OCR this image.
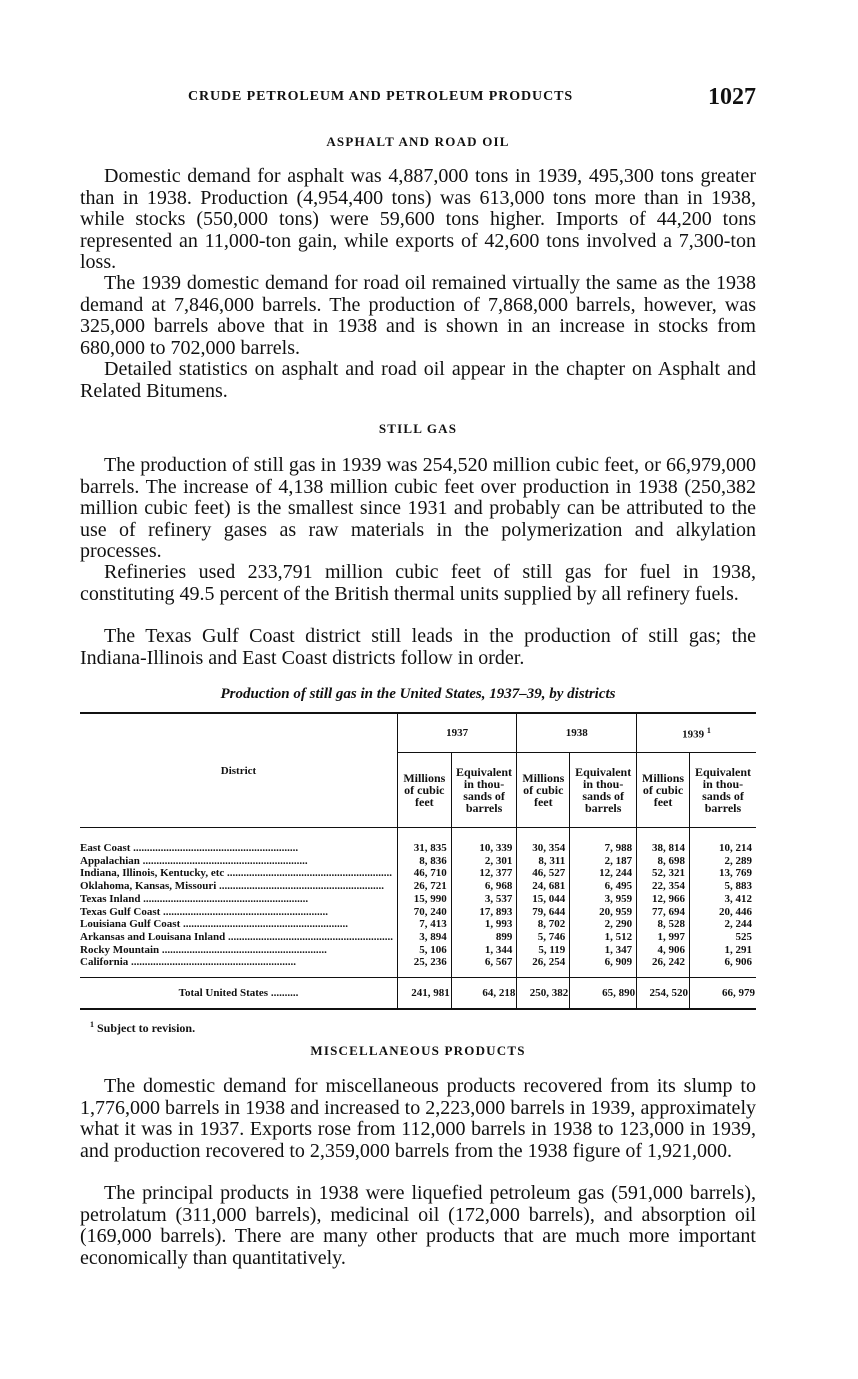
CRUDE PETROLEUM AND PETROLEUM PRODUCTS	1027
ASPHALT AND ROAD OIL

Domestic demand for asphalt was 4,887,000 tons in 1939, 495,300 tons greater than in 1938. Production (4,954,400 tons) was 613,000 tons more than in 1938, while stocks (550,000 tons) were 59,600 tons higher. Imports of 44,200 tons represented an 11,000-ton gain, while exports of 42,600 tons involved a 7,300-ton loss.

The 1939 domestic demand for road oil remained virtually the same as the 1938 demand at 7,846,000 barrels. The production of 7,868,000 barrels, however, was 325,000 barrels above that in 1938 and is shown in an increase in stocks from 680,000 to 702,000 barrels.

Detailed statistics on asphalt and road oil appear in the chapter on Asphalt and Related Bitumens.

STILL GAS

The production of still gas in 1939 was 254,520 million cubic feet, or 66,979,000 barrels. The increase of 4,138 million cubic feet over production in 1938 (250,382 million cubic feet) is the smallest since 1931 and probably can be attributed to the use of refinery gases as raw materials in the polymerization and alkylation processes.

Refineries used 233,791 million cubic feet of still gas for fuel in 1938, constituting 49.5 percent of the British thermal units supplied by all refinery fuels.

The Texas Gulf Coast district still leads in the production of still gas; the Indiana-Illinois and East Coast districts follow in order.

Production of still gas in the United States, 1937–39, by districts
District	1937		1938		1939 $^1$
	Millions
of cubic
feet	Equivalent
in thou-
sands of
barrels	Millions
of cubic
feet	Equivalent
in thou-
sands of
barrels	Millions
of cubic
feet	Equivalent
in thou-
sands of
barrels
East Coast ............................................................	31, 835	10, 339	30, 354	7, 988	38, 814	10, 214
Appalachian ............................................................	8, 836	2, 301	8, 311	2, 187	8, 698	2, 289
Indiana, Illinois, Kentucky, etc ............................................................	46, 710	12, 377	46, 527	12, 244	52, 321	13, 769
Oklahoma, Kansas, Missouri ............................................................	26, 721	6, 968	24, 681	6, 495	22, 354	5, 883
Texas Inland ............................................................	15, 990	3, 537	15, 044	3, 959	12, 966	3, 412
Texas Gulf Coast ............................................................	70, 240	17, 893	79, 644	20, 959	77, 694	20, 446
Louisiana Gulf Coast ............................................................	7, 413	1, 993	8, 702	2, 290	8, 528	2, 244
Arkansas and Louisana Inland ............................................................	3, 894	899	5, 746	1, 512	1, 997	525
Rocky Mountain ............................................................	5, 106	1, 344	5, 119	1, 347	4, 906	1, 291
California ............................................................	25, 236	6, 567	26, 254	6, 909	26, 242	6, 906
Total United States ..........	241, 981	64, 218	250, 382	65, 890	254, 520	66, 979
$^1$ Subject to revision.
MISCELLANEOUS PRODUCTS

The domestic demand for miscellaneous products recovered from its slump to 1,776,000 barrels in 1938 and increased to 2,223,000 barrels in 1939, approximately what it was in 1937. Exports rose from 112,000 barrels in 1938 to 123,000 in 1939, and production recovered to 2,359,000 barrels from the 1938 figure of 1,921,000.

The principal products in 1938 were liquefied petroleum gas (591,000 barrels), petrolatum (311,000 barrels), medicinal oil (172,000 barrels), and absorption oil (169,000 barrels). There are many other products that are much more important economically than quantitatively.
